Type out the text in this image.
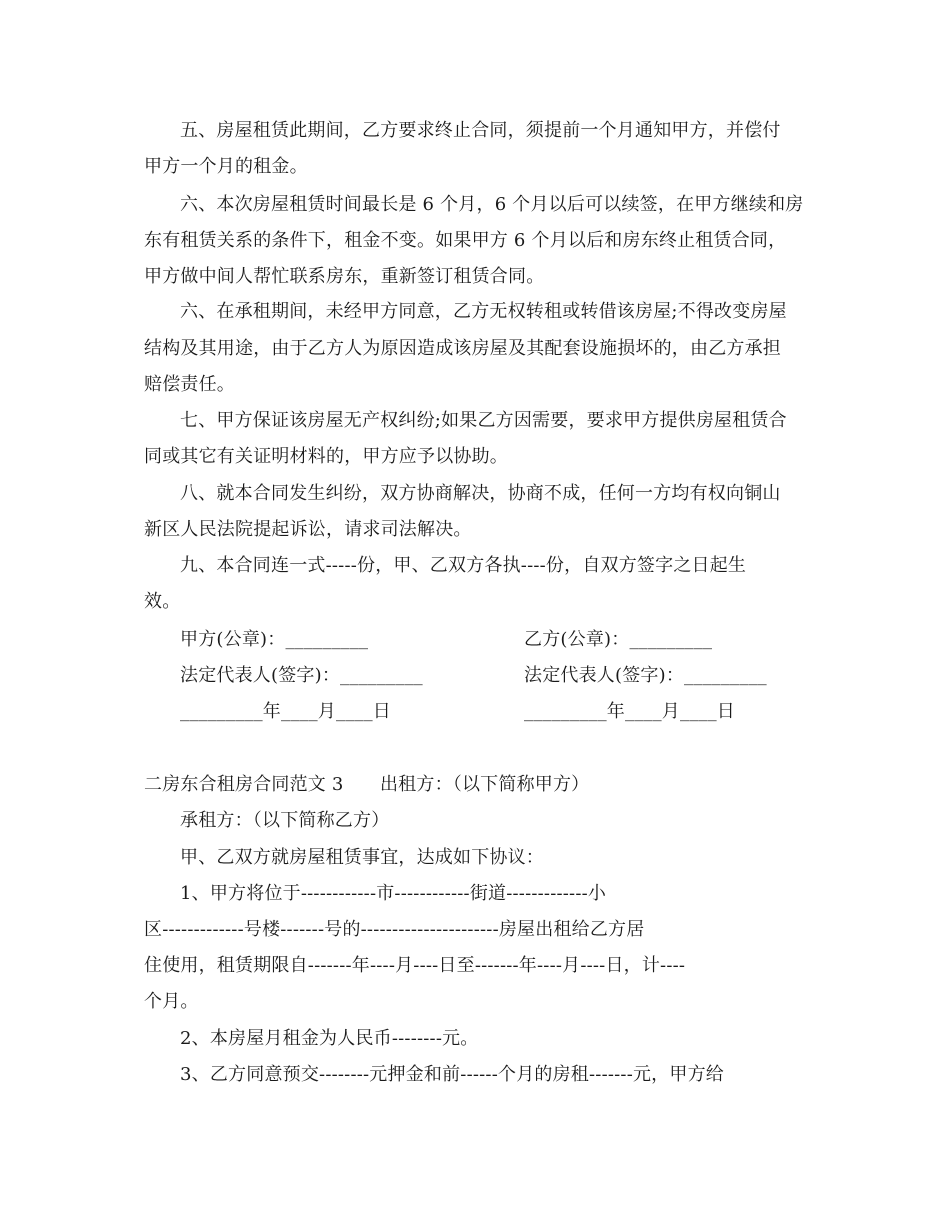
五、房屋租赁此期间，乙方要求终止合同，须提前一个月通知甲方，并偿付
甲方一个月的租金。
六、本次房屋租赁时间最长是 6 个月，6 个月以后可以续签，在甲方继续和房
东有租赁关系的条件下，租金不变。如果甲方 6 个月以后和房东终止租赁合同，
甲方做中间人帮忙联系房东，重新签订租赁合同。
六、在承租期间，未经甲方同意，乙方无权转租或转借该房屋;不得改变房屋
结构及其用途，由于乙方人为原因造成该房屋及其配套设施损坏的，由乙方承担
赔偿责任。
七、甲方保证该房屋无产权纠纷;如果乙方因需要，要求甲方提供房屋租赁合
同或其它有关证明材料的，甲方应予以协助。
八、就本合同发生纠纷，双方协商解决，协商不成，任何一方均有权向铜山
新区人民法院提起诉讼，请求司法解决。
九、本合同连一式-----份，甲、乙双方各执----份，自双方签字之日起生
效。
甲方(公章)：_________	乙方(公章)：_________
法定代表人(签字)：_________	法定代表人(签字)：_________
_________年____月____日	_________年____月____日
二房东合租房合同范文 3　　出租方：（以下简称甲方）
承租方：（以下简称乙方）
甲、乙双方就房屋租赁事宜，达成如下协议：
1、甲方将位于------------市------------街道-------------小
区-------------号楼-------号的----------------------房屋出租给乙方居
住使用，租赁期限自-------年----月----日至-------年----月----日，计----
个月。
2、本房屋月租金为人民币--------元。
3、乙方同意预交--------元押金和前------个月的房租-------元，甲方给
